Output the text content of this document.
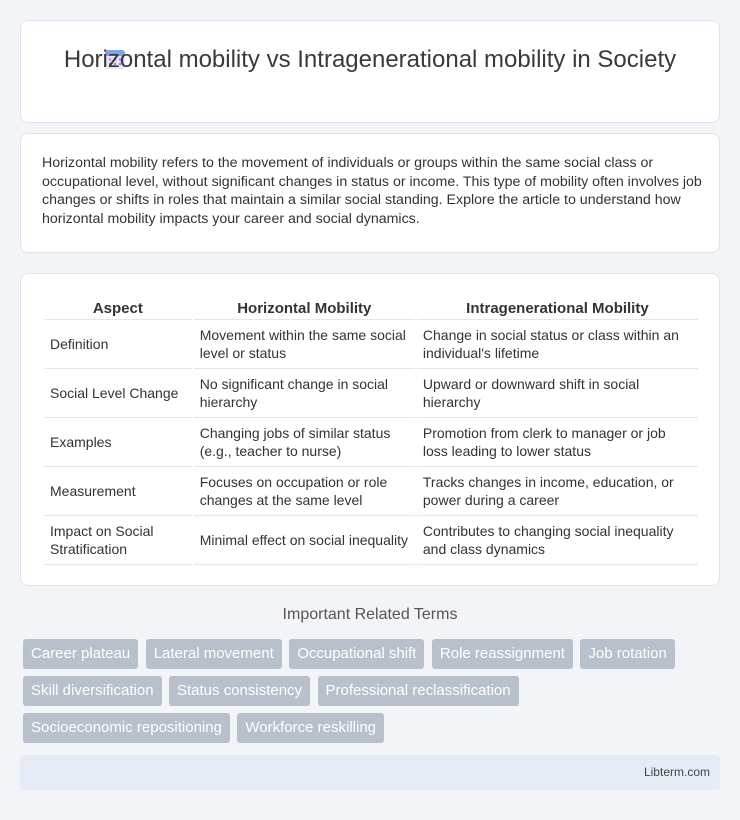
Horizontal mobility vs Intragenerational mobility in Society

Horizontal mobility refers to the movement of individuals or groups within the same social class or occupational level, without significant changes in status or income. This type of mobility often involves job changes or shifts in roles that maintain a similar social standing. Explore the article to understand how horizontal mobility impacts your career and social dynamics.

Aspect	Horizontal Mobility	Intragenerational Mobility
Definition	Movement within the same social level or status	Change in social status or class within an individual's lifetime
Social Level Change	No significant change in social hierarchy	Upward or downward shift in social hierarchy
Examples	Changing jobs of similar status (e.g., teacher to nurse)	Promotion from clerk to manager or job loss leading to lower status
Measurement	Focuses on occupation or role changes at the same level	Tracks changes in income, education, or power during a career
Impact on Social Stratification	Minimal effect on social inequality	Contributes to changing social inequality and class dynamics
Important Related Terms
Career plateau Lateral movement Occupational shift Role reassignment Job rotation Skill diversification Status consistency Professional reclassification Socioeconomic repositioning Workforce reskilling
Libterm.com
